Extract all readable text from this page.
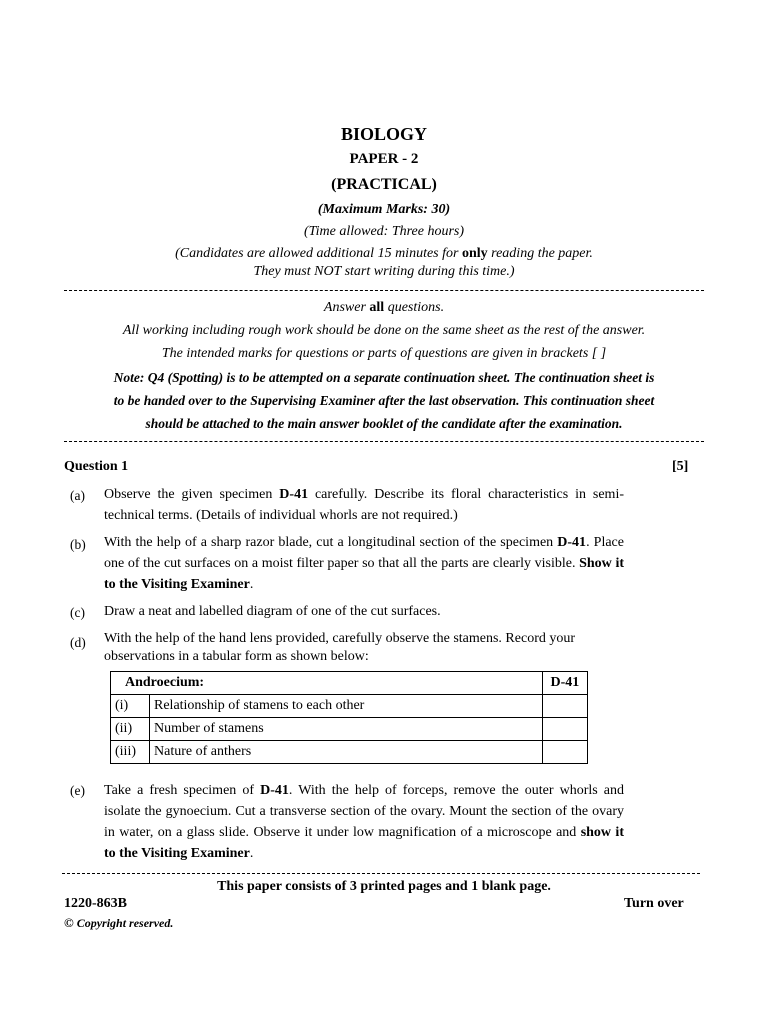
BIOLOGY
PAPER - 2
(PRACTICAL)
(Maximum Marks: 30)
(Time allowed: Three hours)
(Candidates are allowed additional 15 minutes for only reading the paper.
They must NOT start writing during this time.)
Answer all questions.
All working including rough work should be done on the same sheet as the rest of the answer.
The intended marks for questions or parts of questions are given in brackets [ ]
Note: Q4 (Spotting) is to be attempted on a separate continuation sheet. The continuation sheet is
to be handed over to the Supervising Examiner after the last observation. This continuation sheet
should be attached to the main answer booklet of the candidate after the examination.
Question 1	[5]
(a) Observe the given specimen D-41 carefully. Describe its floral characteristics in semi-technical terms. (Details of individual whorls are not required.)
(b) With the help of a sharp razor blade, cut a longitudinal section of the specimen D-41. Place one of the cut surfaces on a moist filter paper so that all the parts are clearly visible. Show it to the Visiting Examiner.
(c) Draw a neat and labelled diagram of one of the cut surfaces.
(d) With the help of the hand lens provided, carefully observe the stamens. Record your observations in a tabular form as shown below:
Androecium:		D-41
(i)	Relationship of stamens to each other	
(ii)	Number of stamens	
(iii)	Nature of anthers	
(e) Take a fresh specimen of D-41. With the help of forceps, remove the outer whorls and isolate the gynoecium. Cut a transverse section of the ovary. Mount the section of the ovary in water, on a glass slide. Observe it under low magnification of a microscope and show it to the Visiting Examiner.
This paper consists of 3 printed pages and 1 blank page.
1220-863B	Turn over
© Copyright reserved.
